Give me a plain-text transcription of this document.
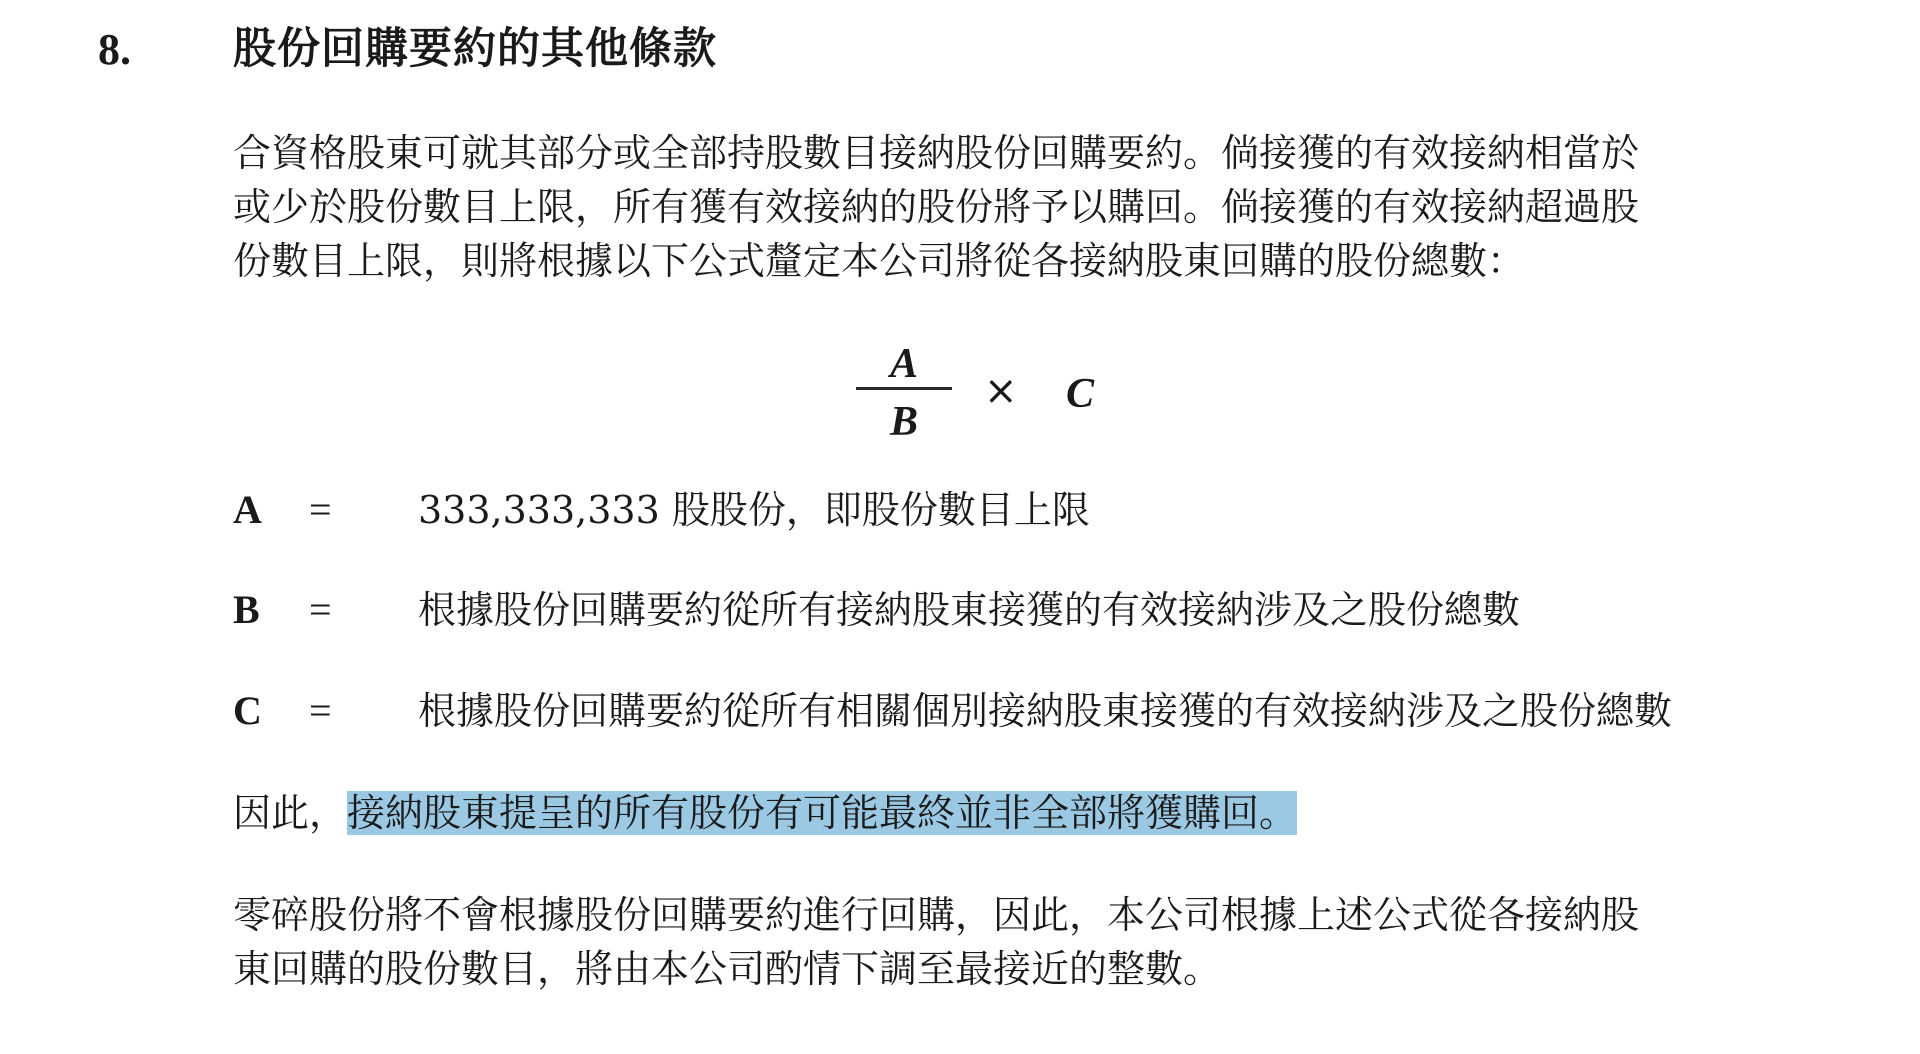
8. 股份回購要約的其他條款
合資格股東可就其部分或全部持股數目接納股份回購要約。倘接獲的有效接納相當於
或少於股份數目上限，所有獲有效接納的股份將予以購回。倘接獲的有效接納超過股
份數目上限，則將根據以下公式釐定本公司將從各接納股東回購的股份總數：
A
B
× C
A = 333,333,333 股股份，即股份數目上限
B = 根據股份回購要約從所有接納股東接獲的有效接納涉及之股份總數
C = 根據股份回購要約從所有相關個別接納股東接獲的有效接納涉及之股份總數
因此，接納股東提呈的所有股份有可能最終並非全部將獲購回。
零碎股份將不會根據股份回購要約進行回購，因此，本公司根據上述公式從各接納股
東回購的股份數目，將由本公司酌情下調至最接近的整數。
